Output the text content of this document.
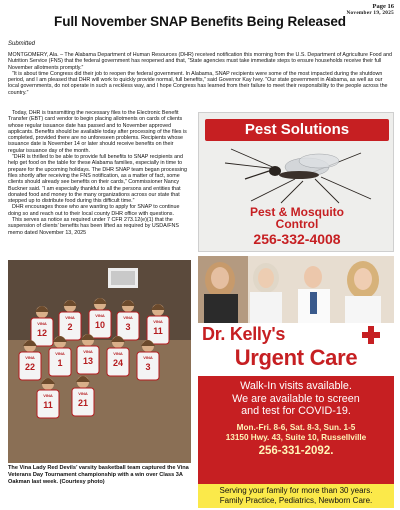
Page 16
November 19, 2025
Full November SNAP Benefits Being Released
Submitted

MONTGOMERY, Ala. – The Alabama Department of Human Resources (DHR) received notification this morning from the U.S. Department of Agriculture Food and Nutrition Service (FNS) that the federal government has reopened and that, “State agencies must take immediate steps to ensure households receive their full November allotments promptly.”

“It is about time Congress did their job to reopen the federal government. In Alabama, SNAP recipients were some of the most impacted during the shutdown period, and I am pleased that DHR will work to quickly provide normal, full benefits,” said Governor Kay Ivey. “Our state government in Alabama, as well as our local governments, do not operate in such a reckless way, and I hope Congress has learned from their failure to meet their responsibility to the people across the country.”

Today, DHR is transmitting the necessary files to the Electronic Benefit Transfer (EBT) card vendor to begin placing allotments on cards of clients whose regular issuance date has passed and to November approved applicants. Benefits should be available today after processing of the files is completed, provided there are no unforeseen problems. Recipients whose issuance date is November 14 or later should receive benefits on their regular issuance day of the month.

“DHR is thrilled to be able to provide full benefits to SNAP recipients and help get food on the table for these Alabama families, especially in time to prepare for the upcoming holidays. The DHR SNAP team began processing files shortly after receiving the FNS notification, as a matter of fact, some clients should already see benefits on their cards,” Commissioner Nancy Buckner said. “I am especially thankful to all the persons and entities that donated food and money to the many organizations across our state that stepped up to distribute food during this difficult time.”

DHR encourages those who are wanting to apply for SNAP to continue doing so and reach out to their local county DHR office with questions.

This serves as notice as required under 7 CFR 273.12(e)(1) that the suspension of clients’ benefits has been lifted as required by USDA/FNS memo dated November 13, 2025

Pest Solutions
Pest & Mosquito
Control
256-332-4008
VINA
12
VINA
2
VINA
10
VINA
3
VINA
11
VINA
22
VINA
1
VINA
13
VINA
24
VINA
3
VINA
11
VINA
21
The Vina Lady Red Devils’ varsity basketball team captured the Vina Veterans Day Tournament championship with a win over Class 3A Oakman last week. (Courtesy photo)
Dr. Kelly's
Urgent Care
Walk-In visits available.
We are available to screen
and test for COVID-19.
Mon.-Fri. 8-6, Sat. 8-3, Sun. 1-5
13150 Hwy. 43, Suite 10, Russellville
256-331-2092.
Serving your family for more than 30 years.
Family Practice, Pediatrics, Newborn Care.
